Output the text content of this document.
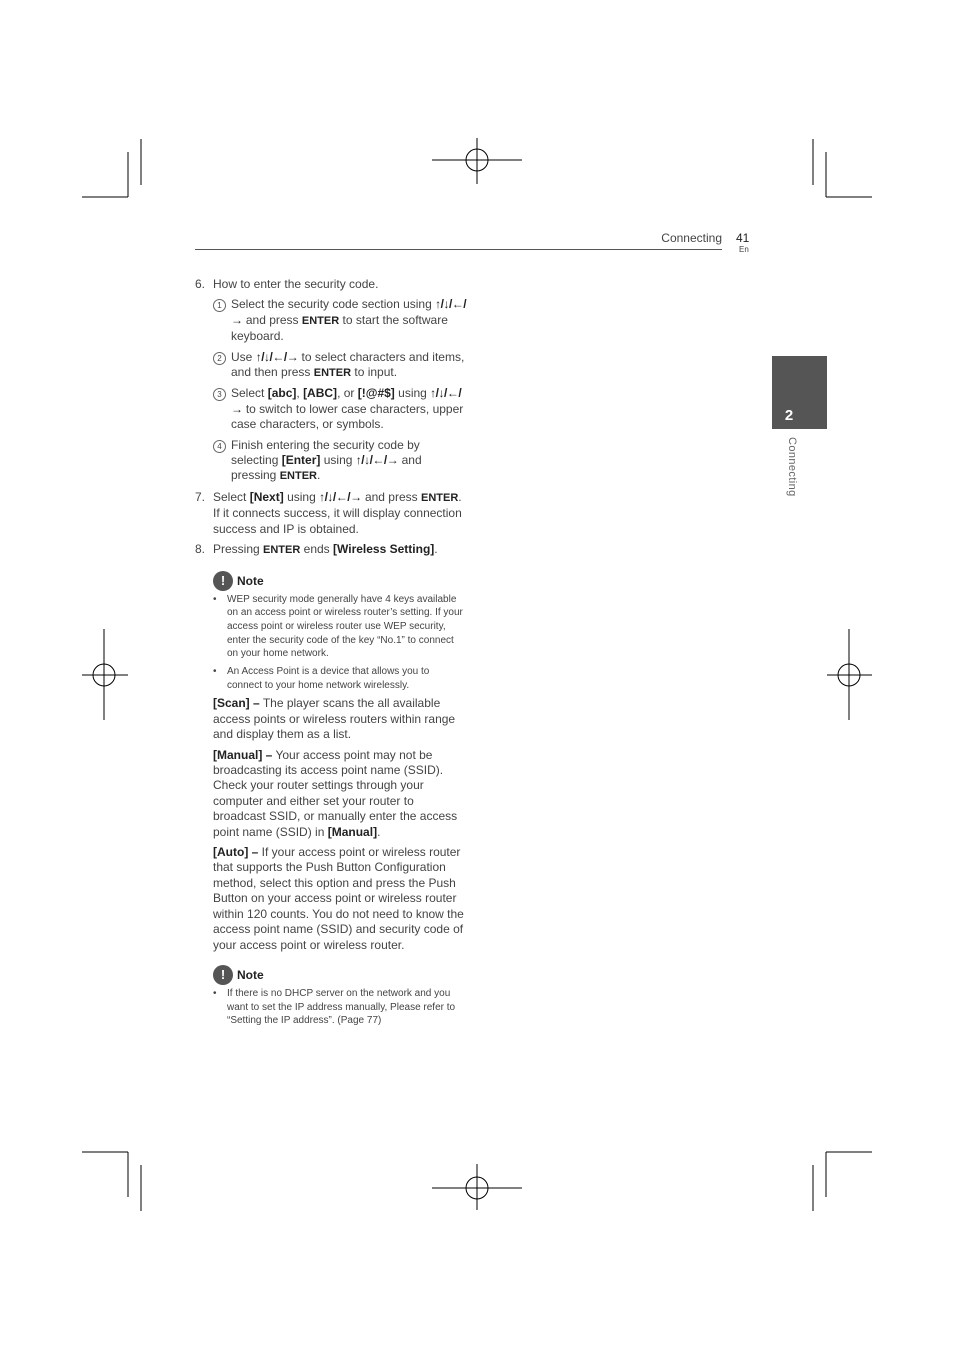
Connecting 41
En
2
Connecting
6. How to enter the security code.
1 Select the security code section using ↑/↓/←/→ and press ENTER to start the software keyboard.
2 Use ↑/↓/←/→ to select characters and items, and then press ENTER to input.
3 Select [abc], [ABC], or [!@#$] using ↑/↓/←/→ to switch to lower case characters, upper case characters, or symbols.
4 Finish entering the security code by selecting [Enter] using ↑/↓/←/→ and pressing ENTER.
7. Select [Next] using ↑/↓/←/→ and press ENTER. If it connects success, it will display connection success and IP is obtained.
8. Pressing ENTER ends [Wireless Setting].
! Note
• WEP security mode generally have 4 keys available on an access point or wireless router’s setting. If your access point or wireless router use WEP security, enter the security code of the key “No.1” to connect on your home network.
• An Access Point is a device that allows you to connect to your home network wirelessly.
[Scan] – The player scans the all available access points or wireless routers within range and display them as a list.
[Manual] – Your access point may not be broadcasting its access point name (SSID). Check your router settings through your computer and either set your router to broadcast SSID, or manually enter the access point name (SSID) in [Manual].
[Auto] – If your access point or wireless router that supports the Push Button Configuration method, select this option and press the Push Button on your access point or wireless router within 120 counts. You do not need to know the access point name (SSID) and security code of your access point or wireless router.
! Note
• If there is no DHCP server on the network and you want to set the IP address manually, Please refer to “Setting the IP address”. (Page 77)
